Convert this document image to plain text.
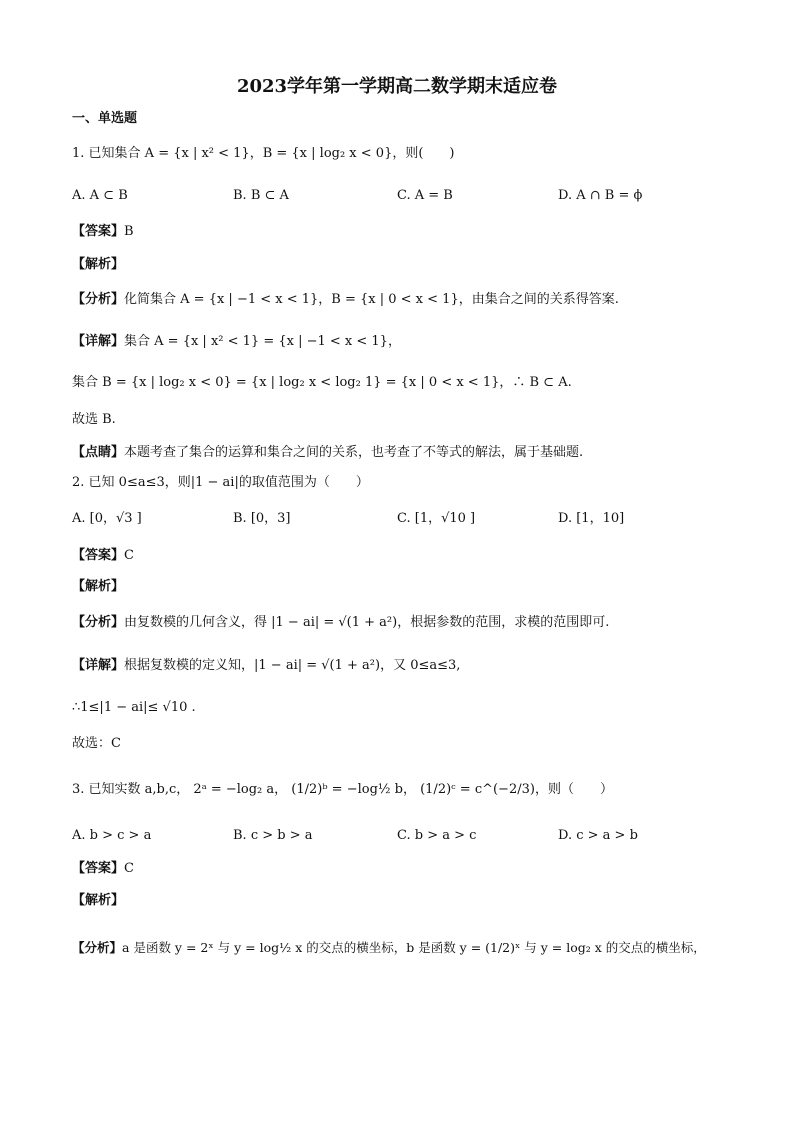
2023学年第一学期高二数学期末适应卷
一、单选题
1. 已知集合 A = {x | x² < 1}，B = {x | log₂ x < 0}，则(　　)
A. A ⊂ B	B. B ⊂ A	C. A = B	D. A ∩ B = ϕ
【答案】B
【解析】
【分析】化简集合 A = {x | −1 < x < 1}，B = {x | 0 < x < 1}，由集合之间的关系得答案.
【详解】集合 A = {x | x² < 1} = {x | −1 < x < 1}，
集合 B = {x | log₂ x < 0} = {x | log₂ x < log₂ 1} = {x | 0 < x < 1}，∴ B ⊂ A.
故选 B.
【点睛】本题考查了集合的运算和集合之间的关系，也考查了不等式的解法，属于基础题.
2. 已知 0≤a≤3，则|1 − ai|的取值范围为（　　）
A. [0，√3 ]	B. [0，3]	C. [1，√10 ]	D. [1，10]
【答案】C
【解析】
【分析】由复数模的几何含义，得 |1 − ai| = √(1 + a²)，根据参数的范围，求模的范围即可.
【详解】根据复数模的定义知，|1 − ai| = √(1 + a²)，又 0≤a≤3,
∴1≤|1 − ai|≤ √10 .
故选：C
3. 已知实数 a,b,c， 2ᵃ = −log₂ a， (1/2)ᵇ = −log½ b， (1/2)ᶜ = c^(−2/3)，则（　　）
A. b > c > a	B. c > b > a	C. b > a > c	D. c > a > b
【答案】C
【解析】
【分析】a 是函数 y = 2ˣ 与 y = log½ x 的交点的横坐标，b 是函数 y = (1/2)ˣ 与 y = log₂ x 的交点的横坐标，
